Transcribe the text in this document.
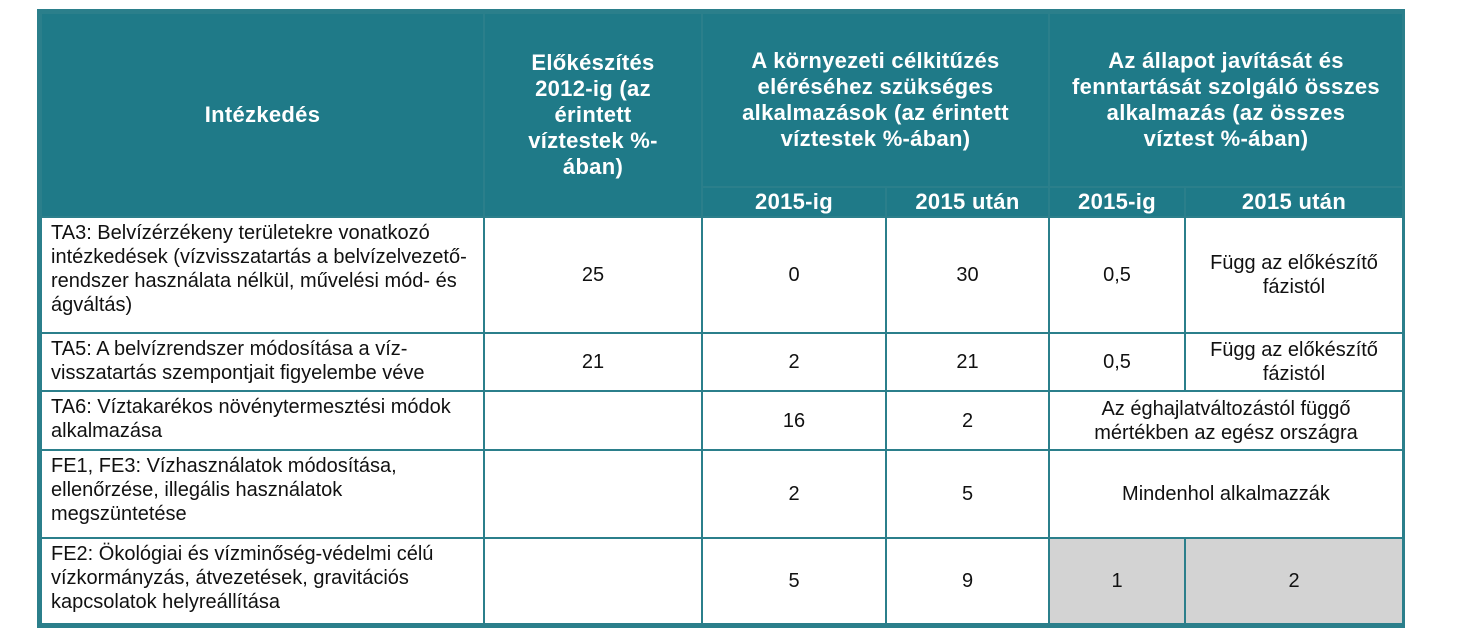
Intézkedés	Előkészítés 2012-ig (az érintett víztestek %-ában)	A környezeti célkitűzés eléréséhez szükséges alkalmazások (az érintett víztestek %-ában)		Az állapot javítását és fenntartását szolgáló összes alkalmazás (az összes víztest %-ában)	
		2015-ig	2015 után	2015-ig	2015 után
TA3: Belvízérzékeny területekre vonatkozó intézkedések (vízvisszatartás a belvízelvezető-rendszer használata nélkül, művelési mód- és ágváltás)	25	0	30	0,5	Függ az előkészítő fázistól
TA5: A belvízrendszer módosítása a víz-visszatartás szempontjait figyelembe véve	21	2	21	0,5	Függ az előkészítő fázistól
TA6: Víztakarékos növénytermesztési módok alkalmazása		16	2	Az éghajlatváltozástól függő mértékben az egész országra	
FE1, FE3: Vízhasználatok módosítása, ellenőrzése, illegális használatok megszüntetése		2	5	Mindenhol alkalmazzák	
FE2: Ökológiai és vízminőség-védelmi célú vízkormányzás, átvezetések, gravitációs kapcsolatok helyreállítása		5	9	1	2
